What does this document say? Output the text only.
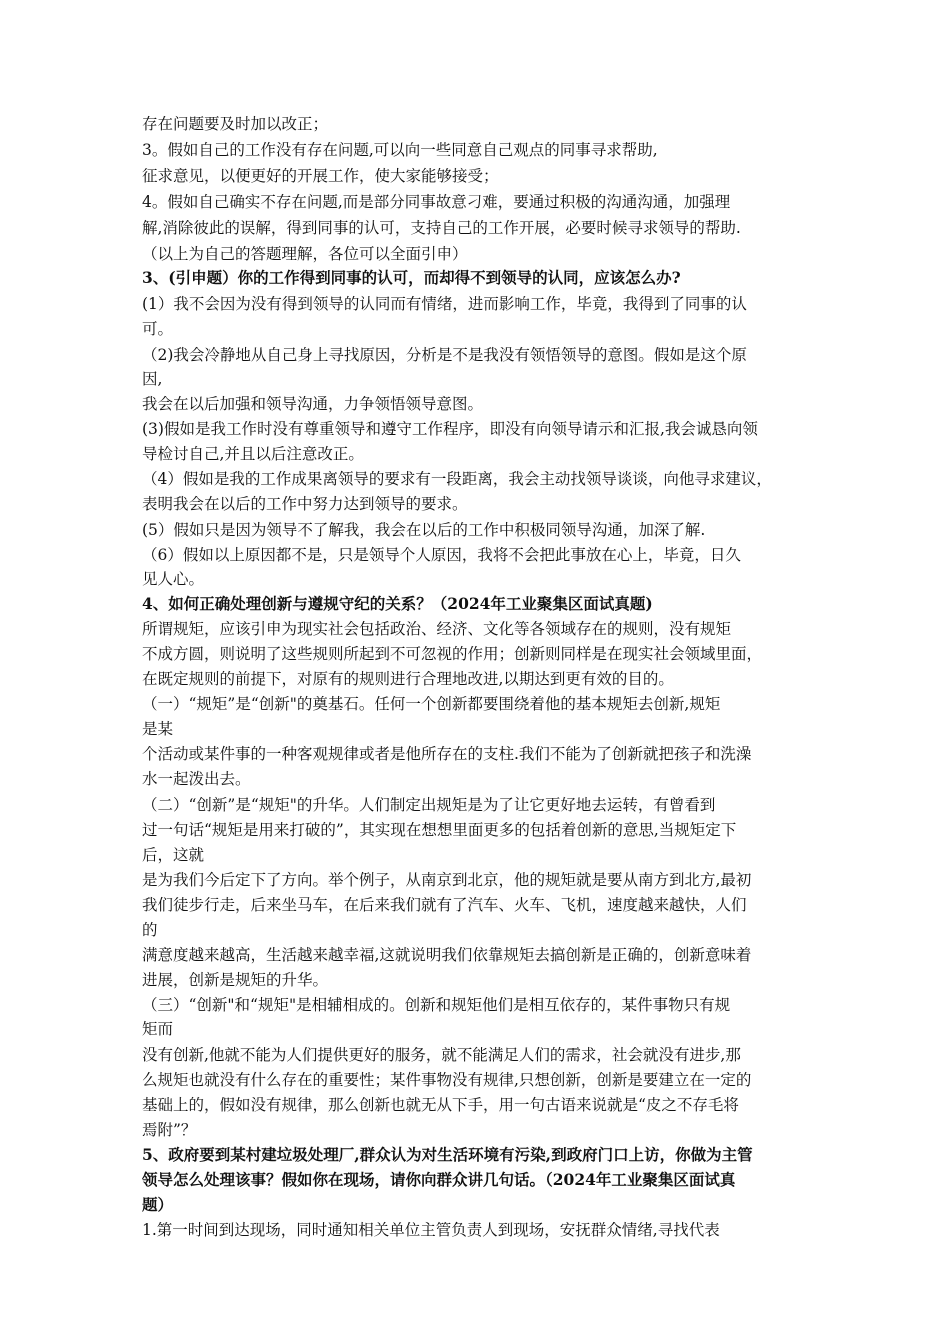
存在问题要及时加以改正；
3。假如自己的工作没有存在问题,可以向一些同意自己观点的同事寻求帮助,
征求意见，以便更好的开展工作，使大家能够接受；
4。假如自己确实不存在问题,而是部分同事故意刁难，要通过积极的沟通沟通，加强理
解,消除彼此的误解，得到同事的认可，支持自己的工作开展，必要时候寻求领导的帮助.
（以上为自己的答题理解，各位可以全面引申）
3、(引申题）你的工作得到同事的认可，而却得不到领导的认同，应该怎么办?
(1）我不会因为没有得到领导的认同而有情绪，进而影响工作，毕竟，我得到了同事的认
可。
（2)我会冷静地从自己身上寻找原因，分析是不是我没有领悟领导的意图。假如是这个原
因,
我会在以后加强和领导沟通，力争领悟领导意图。
(3)假如是我工作时没有尊重领导和遵守工作程序，即没有向领导请示和汇报,我会诚恳向领
导检讨自己,并且以后注意改正。
（4）假如是我的工作成果离领导的要求有一段距离，我会主动找领导谈谈，向他寻求建议，
表明我会在以后的工作中努力达到领导的要求。
(5）假如只是因为领导不了解我，我会在以后的工作中积极同领导沟通，加深了解.
（6）假如以上原因都不是，只是领导个人原因，我将不会把此事放在心上，毕竟，日久
见人心。
4、如何正确处理创新与遵规守纪的关系？（2024年工业聚集区面试真题)
所谓规矩，应该引申为现实社会包括政治、经济、文化等各领域存在的规则，没有规矩
不成方圆，则说明了这些规则所起到不可忽视的作用；创新则同样是在现实社会领域里面，
在既定规则的前提下，对原有的规则进行合理地改进,以期达到更有效的目的。
（一）“规矩”是“创新"的奠基石。任何一个创新都要围绕着他的基本规矩去创新,规矩
是某
个活动或某件事的一种客观规律或者是他所存在的支柱.我们不能为了创新就把孩子和洗澡
水一起泼出去。
（二）“创新”是“规矩"的升华。人们制定出规矩是为了让它更好地去运转，有曾看到
过一句话“规矩是用来打破的”，其实现在想想里面更多的包括着创新的意思,当规矩定下
后，这就
是为我们今后定下了方向。举个例子，从南京到北京，他的规矩就是要从南方到北方,最初
我们徒步行走，后来坐马车，在后来我们就有了汽车、火车、飞机，速度越来越快，人们
的
满意度越来越高，生活越来越幸福,这就说明我们依靠规矩去搞创新是正确的，创新意味着
进展，创新是规矩的升华。
（三）“创新"和“规矩"是相辅相成的。创新和规矩他们是相互依存的，某件事物只有规
矩而
没有创新,他就不能为人们提供更好的服务，就不能满足人们的需求，社会就没有进步,那
么规矩也就没有什么存在的重要性；某件事物没有规律,只想创新，创新是要建立在一定的
基础上的，假如没有规律，那么创新也就无从下手，用一句古语来说就是“皮之不存毛将
焉附”？
5、政府要到某村建垃圾处理厂,群众认为对生活环境有污染,到政府门口上访，你做为主管
领导怎么处理该事？假如你在现场，请你向群众讲几句话。（2024年工业聚集区面试真
题）
1.第一时间到达现场，同时通知相关单位主管负责人到现场，安抚群众情绪,寻找代表
